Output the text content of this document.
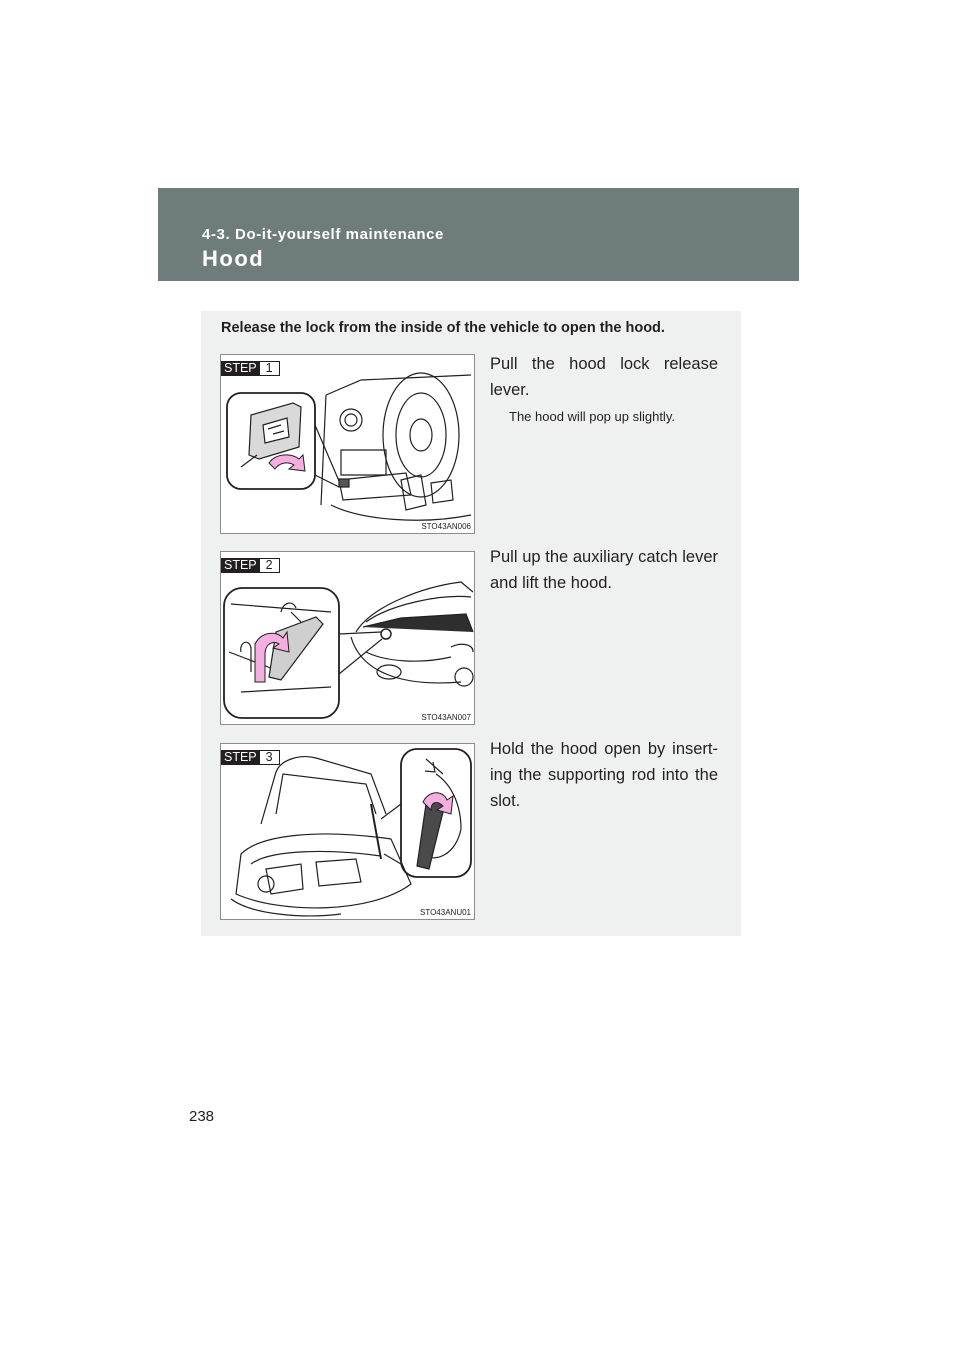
4-3. Do-it-yourself maintenance
Hood
Release the lock from the inside of the vehicle to open the hood.
STEP 1
STO43AN006
Pull the hood lock release lever.
The hood will pop up slightly.
STEP 2
STO43AN007
Pull up the auxiliary catch lever and lift the hood.
STEP 3
STO43ANU01
Hold the hood open by insert-ing the supporting rod into the slot.
238
